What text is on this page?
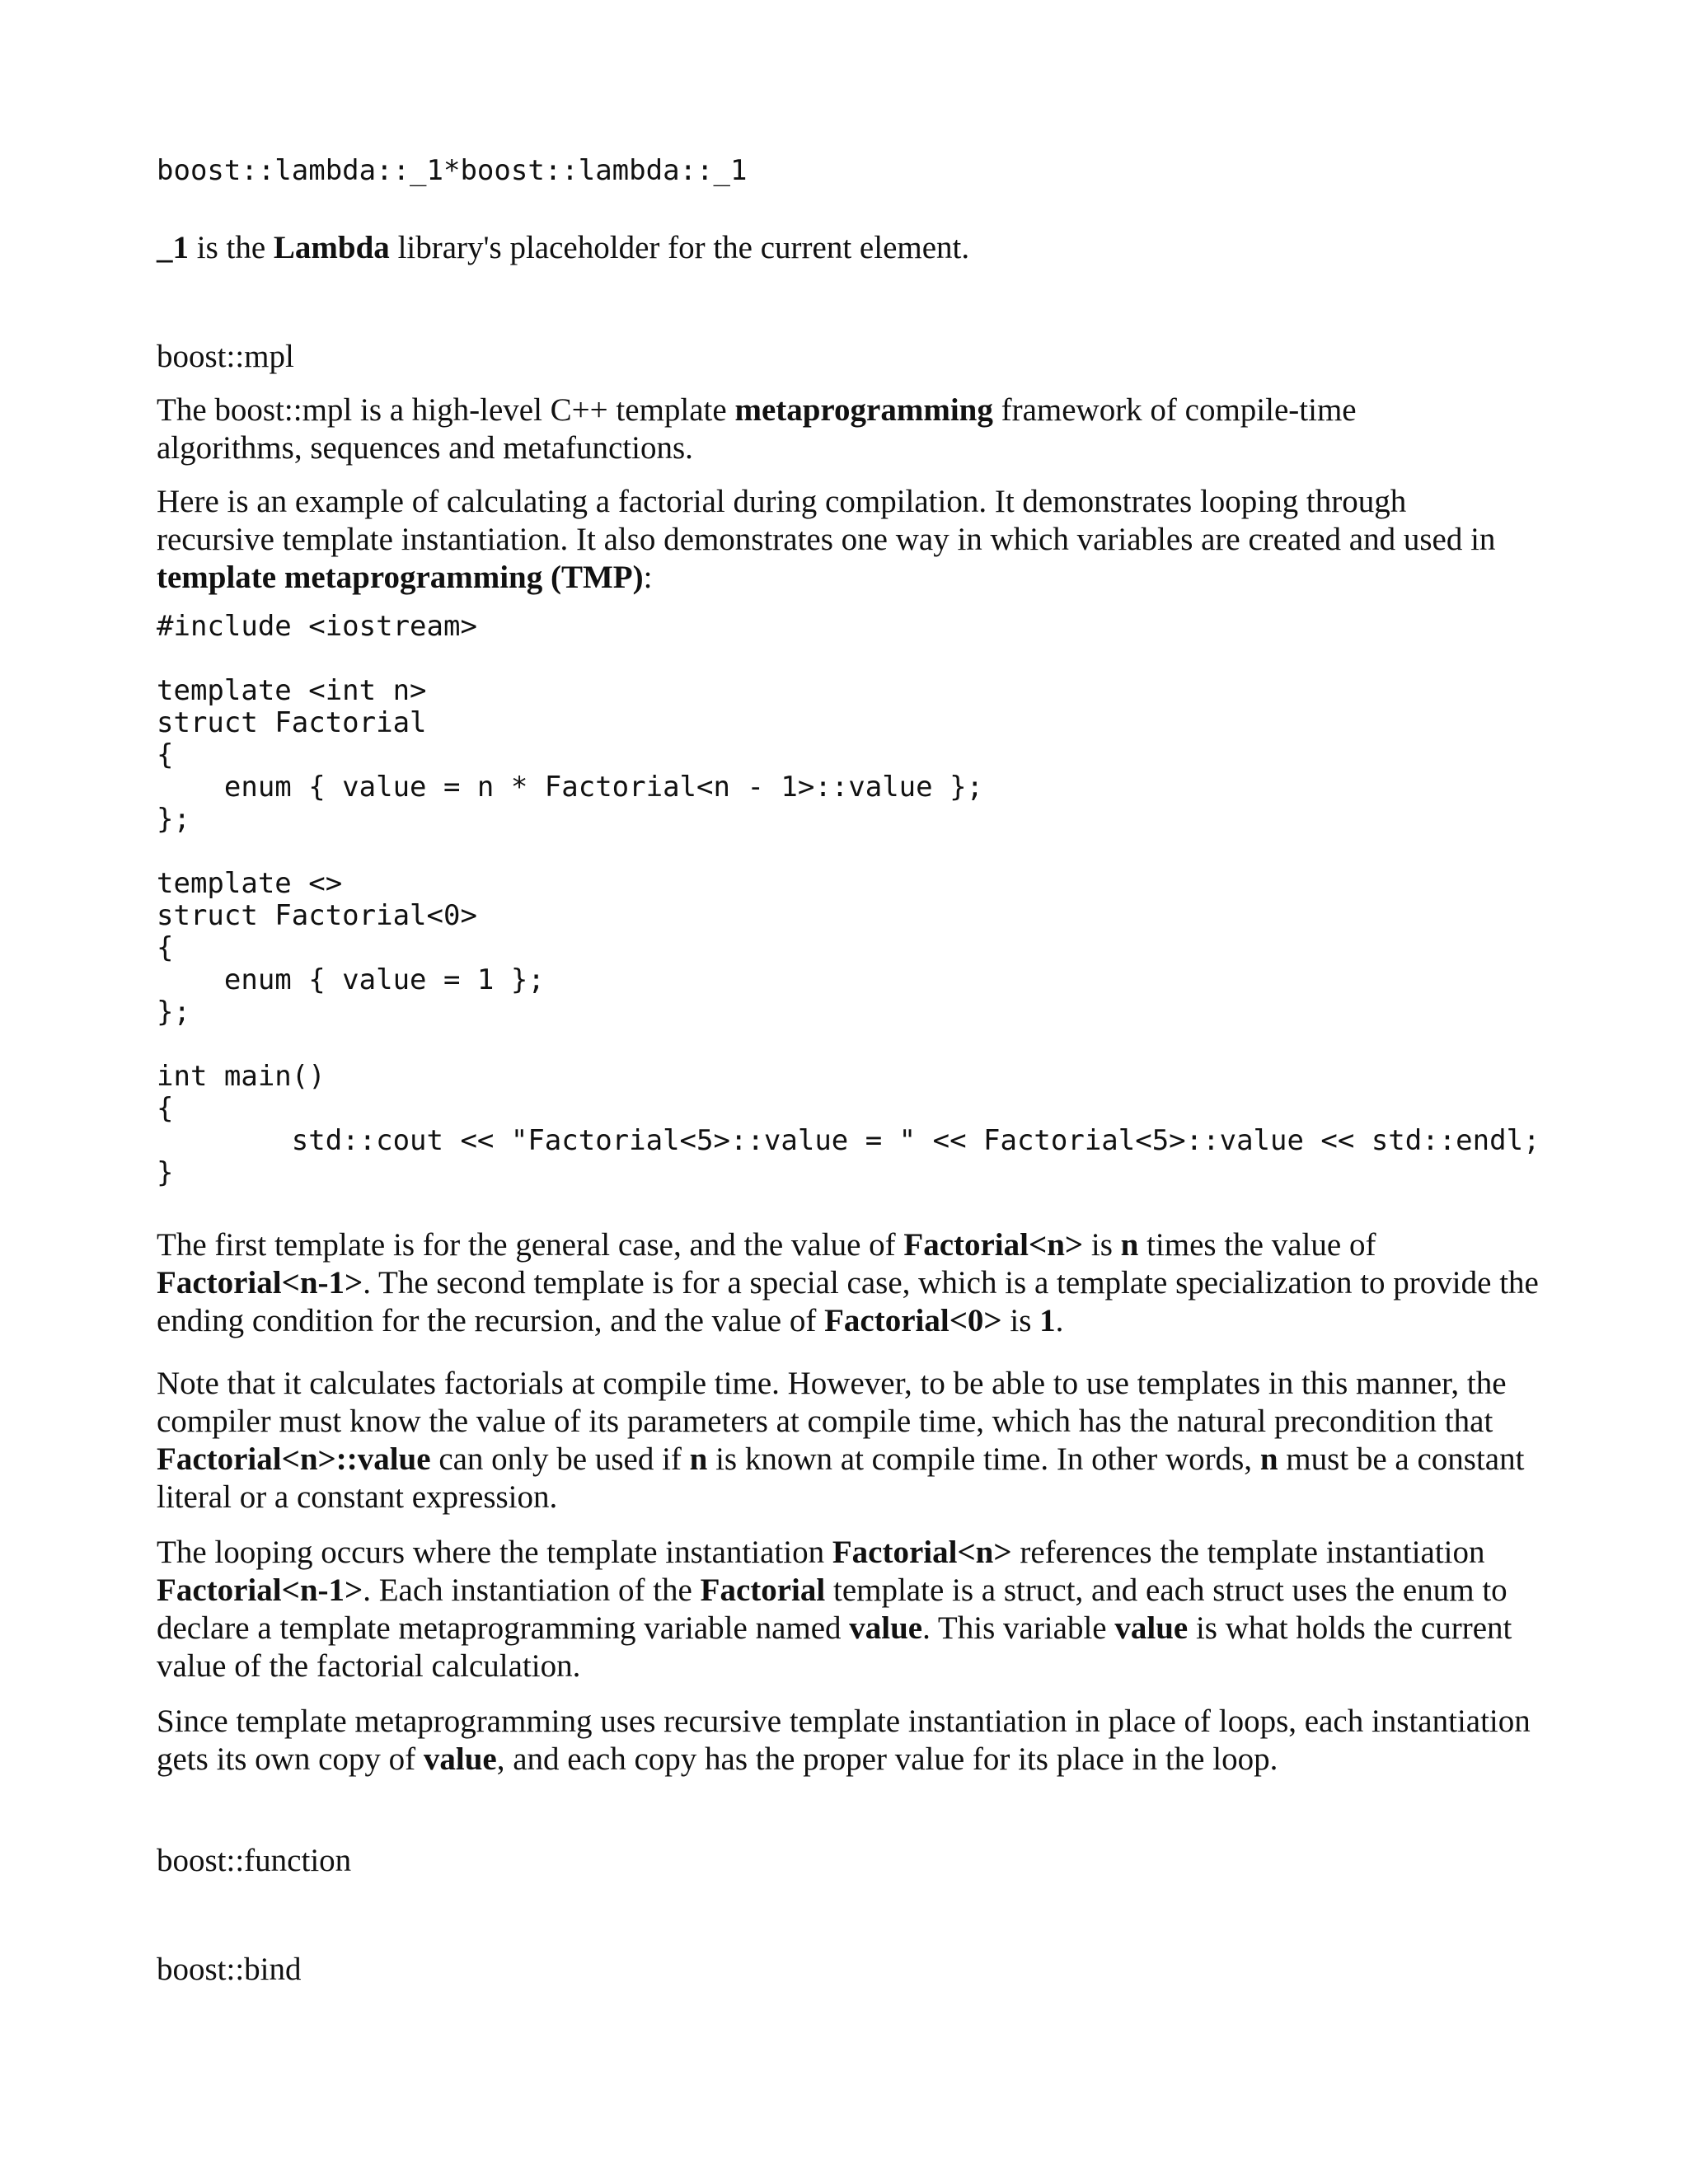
boost::lambda::_1*boost::lambda::_1

_1 is the Lambda library's placeholder for the current element.

boost::mpl

The boost::mpl is a high-level C++ template metaprogramming framework of compile-time algorithms, sequences and metafunctions.

Here is an example of calculating a factorial during compilation. It demonstrates looping through recursive template instantiation. It also demonstrates one way in which variables are created and used in template metaprogramming (TMP):

#include <iostream>

template <int n>
struct Factorial
{
enum { value = n * Factorial<n - 1>::value };
};

template <>
struct Factorial<0>
{
enum { value = 1 };
};

int main()
{
std::cout << "Factorial<5>::value = " << Factorial<5>::value << std::endl;
}

The first template is for the general case, and the value of Factorial<n> is n times the value of Factorial<n-1>. The second template is for a special case, which is a template specialization to provide the ending condition for the recursion, and the value of Factorial<0> is 1.

Note that it calculates factorials at compile time. However, to be able to use templates in this manner, the compiler must know the value of its parameters at compile time, which has the natural precondition that Factorial<n>::value can only be used if n is known at compile time. In other words, n must be a constant literal or a constant expression.

The looping occurs where the template instantiation Factorial<n> references the template instantiation Factorial<n-1>. Each instantiation of the Factorial template is a struct, and each struct uses the enum to declare a template metaprogramming variable named value. This variable value is what holds the current value of the factorial calculation.

Since template metaprogramming uses recursive template instantiation in place of loops, each instantiation gets its own copy of value, and each copy has the proper value for its place in the loop.

boost::function
boost::bind
